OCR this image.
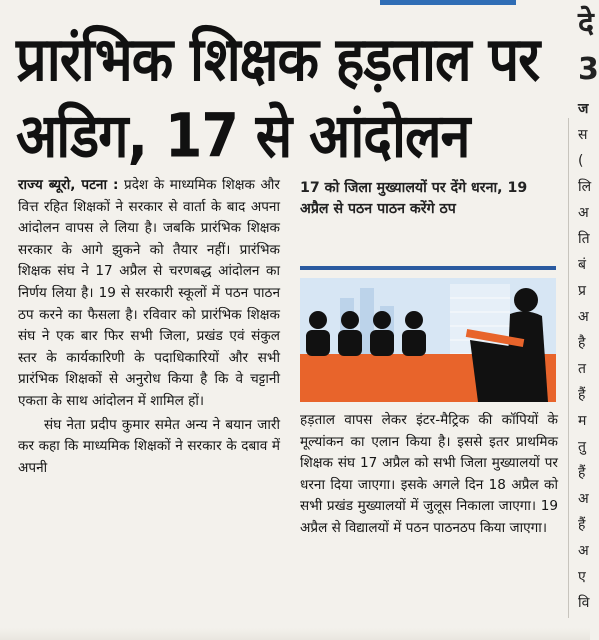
प्रारंभिक शिक्षक हड़ताल पर अडिग, 17 से आंदोलन

राज्य ब्यूरो, पटना : प्रदेश के माध्यमिक शिक्षक और वित्त रहित शिक्षकों ने सरकार से वार्ता के बाद अपना आंदोलन वापस ले लिया है। जबकि प्रारंभिक शिक्षक सरकार के आगे झुकने को तैयार नहीं। प्रारंभिक शिक्षक संघ ने 17 अप्रैल से चरणबद्ध आंदोलन का निर्णय लिया है। 19 से सरकारी स्कूलों में पठन पाठन ठप करने का फैसला है। रविवार को प्रारंभिक शिक्षक संघ ने एक बार फिर सभी जिला, प्रखंड एवं संकुल स्तर के कार्यकारिणी के पदाधिकारियों और सभी प्रारंभिक शिक्षकों से अनुरोध किया है कि वे चट्टानी एकता के साथ आंदोलन में शामिल हों।

संघ नेता प्रदीप कुमार समेत अन्य ने बयान जारी कर कहा कि माध्यमिक शिक्षकों ने सरकार के दबाव में अपनी

17 को जिला मुख्यालयों पर देंगे धरना, 19 अप्रैल से पठन पाठन करेंगे ठप

हड़ताल वापस लेकर इंटर-मैट्रिक की कॉपियों के मूल्यांकन का एलान किया है। इससे इतर प्राथमिक शिक्षक संघ 17 अप्रैल को सभी जिला मुख्यालयों पर धरना दिया जाएगा। इसके अगले दिन 18 अप्रैल को सभी प्रखंड मुख्यालयों में जुलूस निकाला जाएगा। 19 अप्रैल से विद्यालयों में पठन पाठनठप किया जाएगा।

दे
3
ज
स
(
लि
अ
ति
बं
प्र
अ
है
त
हैं
म
तु
हैं
अ
हैं
अ
ए
वि
